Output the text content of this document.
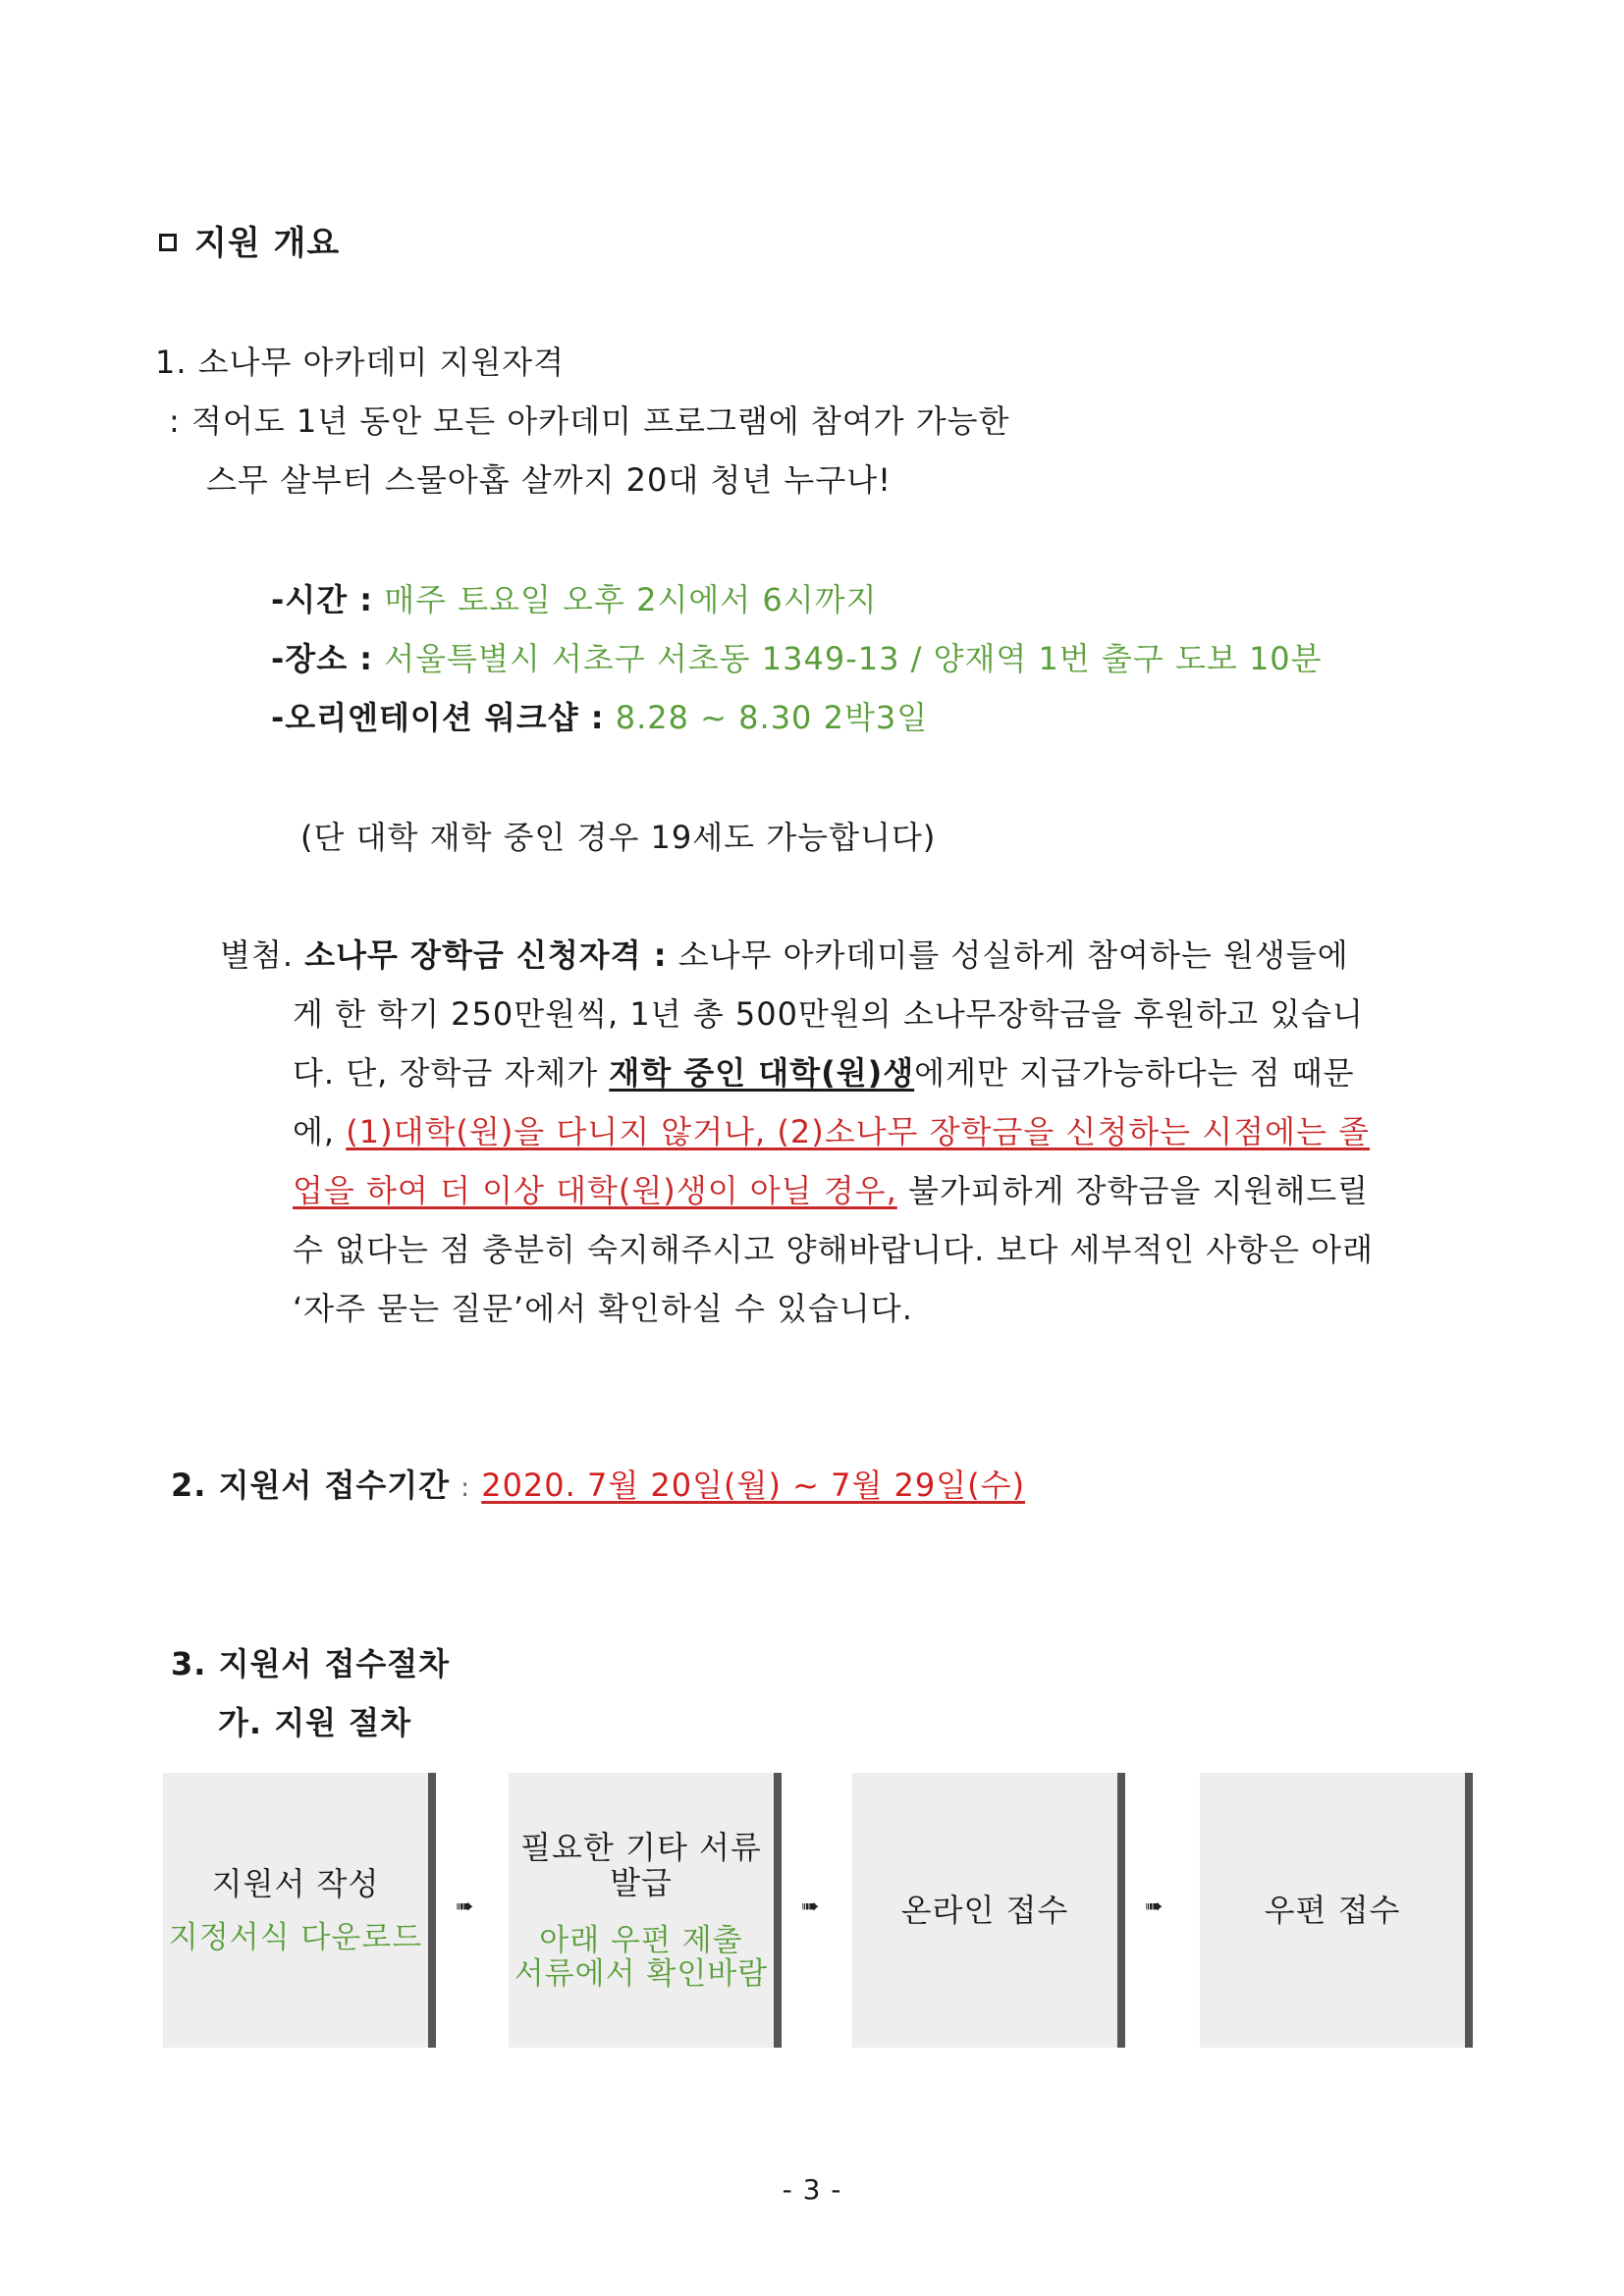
지원 개요
1. 소나무 아카데미 지원자격
: 적어도 1년 동안 모든 아카데미 프로그램에 참여가 가능한
스무 살부터 스물아홉 살까지 20대 청년 누구나!
-시간 : 매주 토요일 오후 2시에서 6시까지
-장소 : 서울특별시 서초구 서초동 1349-13 / 양재역 1번 출구 도보 10분
-오리엔테이션 워크샵 : 8.28 ~ 8.30 2박3일
(단 대학 재학 중인 경우 19세도 가능합니다)
별첨. 소나무 장학금 신청자격 : 소나무 아카데미를 성실하게 참여하는 원생들에
게 한 학기 250만원씩, 1년 총 500만원의 소나무장학금을 후원하고 있습니
다. 단, 장학금 자체가 재학 중인 대학(원)생에게만 지급가능하다는 점 때문
에, (1)대학(원)을 다니지 않거나, (2)소나무 장학금을 신청하는 시점에는 졸
업을 하여 더 이상 대학(원)생이 아닐 경우, 불가피하게 장학금을 지원해드릴
수 없다는 점 충분히 숙지해주시고 양해바랍니다. 보다 세부적인 사항은 아래
‘자주 묻는 질문’에서 확인하실 수 있습니다.
2. 지원서 접수기간 : 2020. 7월 20일(월) ~ 7월 29일(수)
3. 지원서 접수절차
가. 지원 절차
지원서 작성
지정서식 다운로드
➠
필요한 기타 서류
발급
아래 우편 제출
서류에서 확인바람
➠	온라인 접수	➠	우편 접수
- 3 -
